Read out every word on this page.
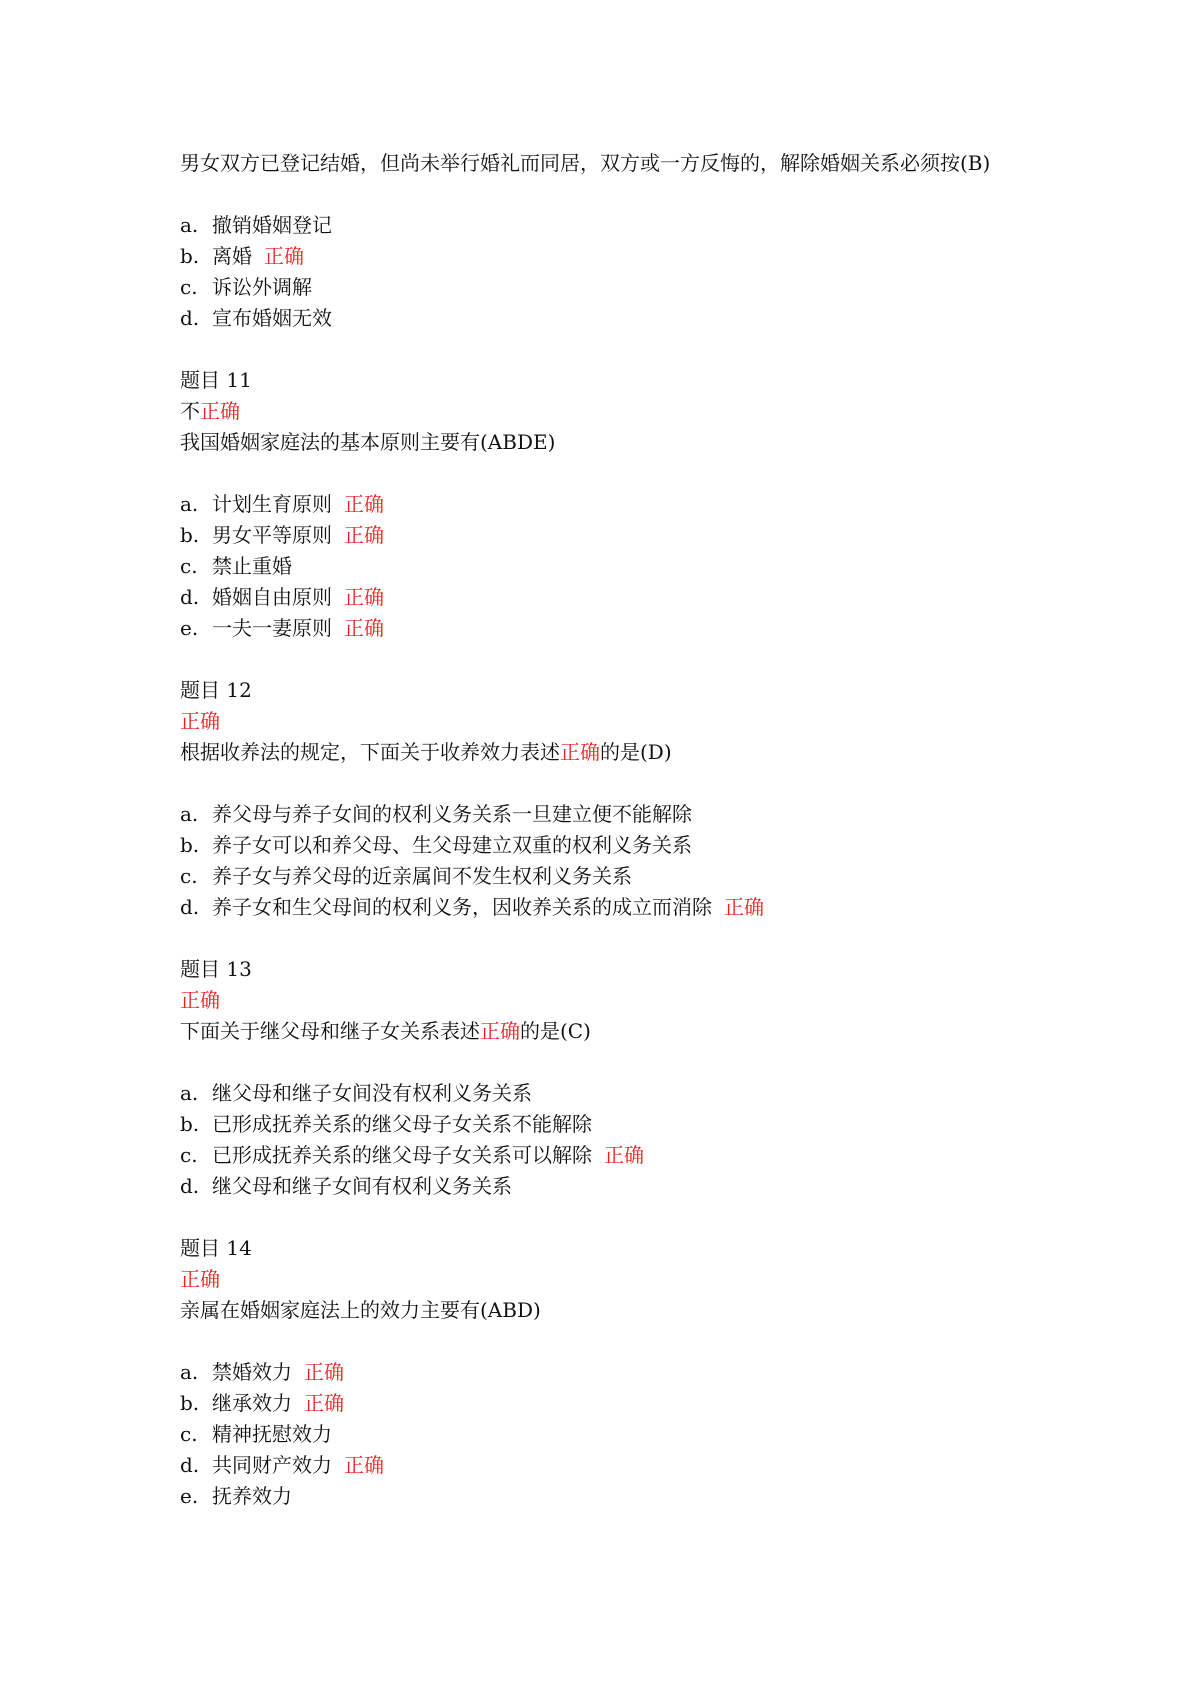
男女双方已登记结婚，但尚未举行婚礼而同居，双方或一方反悔的，解除婚姻关系必须按(B)
a. 撤销婚姻登记
b. 离婚 正确
c. 诉讼外调解
d. 宣布婚姻无效
题目 11
不正确
我国婚姻家庭法的基本原则主要有(ABDE)
a. 计划生育原则 正确
b. 男女平等原则 正确
c. 禁止重婚
d. 婚姻自由原则 正确
e. 一夫一妻原则 正确
题目 12
正确
根据收养法的规定，下面关于收养效力表述正确的是(D)
a. 养父母与养子女间的权利义务关系一旦建立便不能解除
b. 养子女可以和养父母、生父母建立双重的权利义务关系
c. 养子女与养父母的近亲属间不发生权利义务关系
d. 养子女和生父母间的权利义务，因收养关系的成立而消除 正确
题目 13
正确
下面关于继父母和继子女关系表述正确的是(C)
a. 继父母和继子女间没有权利义务关系
b. 已形成抚养关系的继父母子女关系不能解除
c. 已形成抚养关系的继父母子女关系可以解除 正确
d. 继父母和继子女间有权利义务关系
题目 14
正确
亲属在婚姻家庭法上的效力主要有(ABD)
a. 禁婚效力 正确
b. 继承效力 正确
c. 精神抚慰效力
d. 共同财产效力 正确
e. 抚养效力
